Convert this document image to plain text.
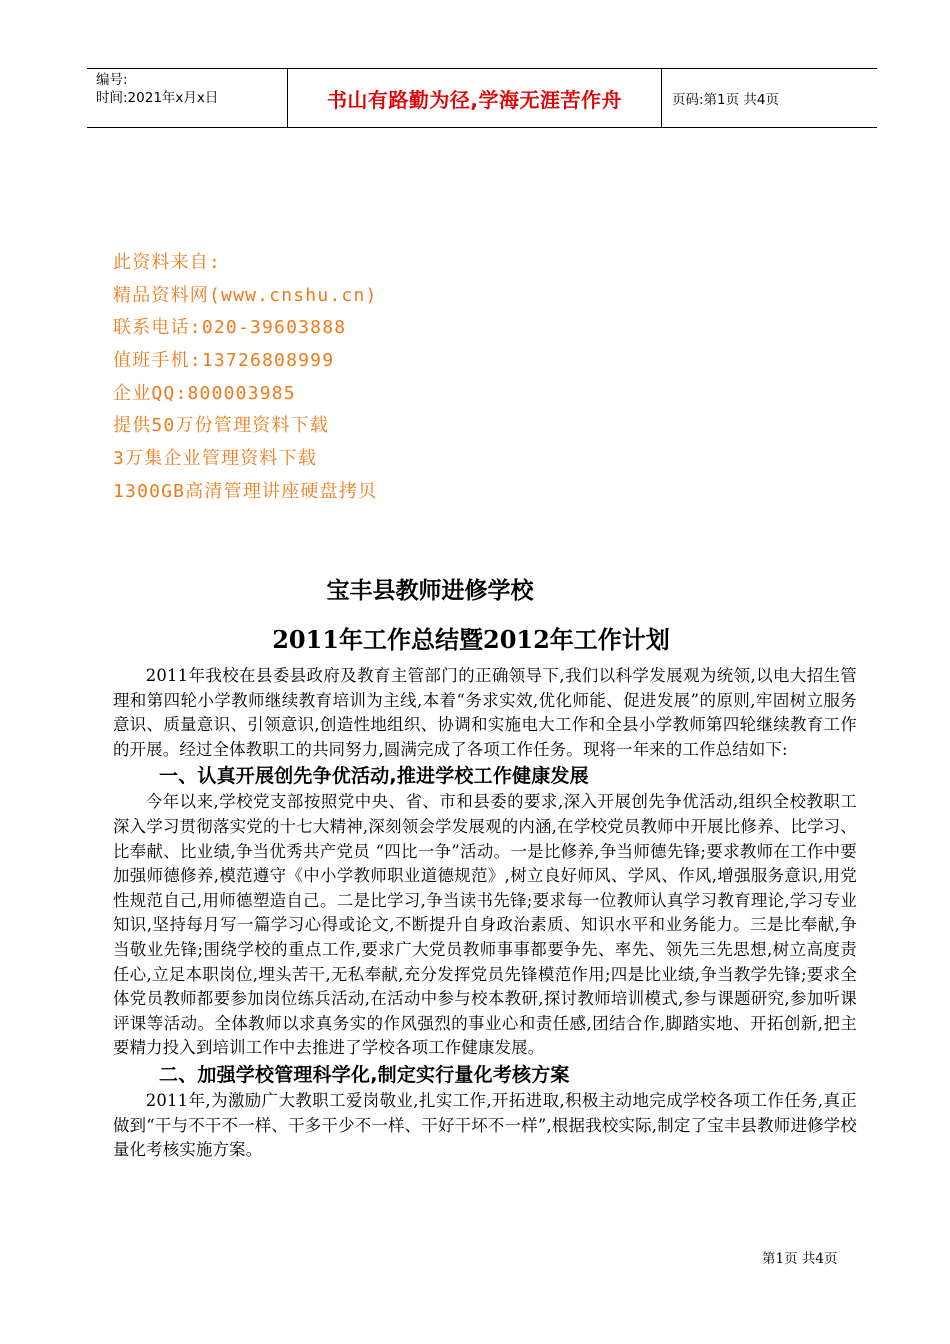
编号:
时间:2021年x月x日	书山有路勤为径,学海无涯苦作舟	页码:第1页 共4页
此资料来自:
精品资料网(www.cnshu.cn)
联系电话:020-39603888
值班手机:13726808999
企业QQ:800003985
提供50万份管理资料下载
3万集企业管理资料下载
1300GB高清管理讲座硬盘拷贝
宝丰县教师进修学校
2011年工作总结暨2012年工作计划

2011年我校在县委县政府及教育主管部门的正确领导下,我们以科学发展观为统领,以电大招生管理和第四轮小学教师继续教育培训为主线,本着“务求实效,优化师能、促进发展”的原则,牢固树立服务意识、质量意识、引领意识,创造性地组织、协调和实施电大工作和全县小学教师第四轮继续教育工作的开展。经过全体教职工的共同努力,圆满完成了各项工作任务。现将一年来的工作总结如下:

一、认真开展创先争优活动,推进学校工作健康发展

今年以来,学校党支部按照党中央、省、市和县委的要求,深入开展创先争优活动,组织全校教职工深入学习贯彻落实党的十七大精神,深刻领会学发展观的内涵,在学校党员教师中开展比修养、比学习、比奉献、比业绩,争当优秀共产党员 “四比一争”活动。一是比修养,争当师德先锋;要求教师在工作中要加强师德修养,模范遵守《中小学教师职业道德规范》,树立良好师风、学风、作风,增强服务意识,用党性规范自己,用师德塑造自己。二是比学习,争当读书先锋;要求每一位教师认真学习教育理论,学习专业知识,坚持每月写一篇学习心得或论文,不断提升自身政治素质、知识水平和业务能力。三是比奉献,争当敬业先锋;围绕学校的重点工作,要求广大党员教师事事都要争先、率先、领先三先思想,树立高度责任心,立足本职岗位,埋头苦干,无私奉献,充分发挥党员先锋模范作用;四是比业绩,争当教学先锋;要求全体党员教师都要参加岗位练兵活动,在活动中参与校本教研,探讨教师培训模式,参与课题研究,参加听课评课等活动。全体教师以求真务实的作风强烈的事业心和责任感,团结合作,脚踏实地、开拓创新,把主要精力投入到培训工作中去推进了学校各项工作健康发展。

二、加强学校管理科学化,制定实行量化考核方案

2011年,为激励广大教职工爱岗敬业,扎实工作,开拓进取,积极主动地完成学校各项工作任务,真正做到“干与不干不一样、干多干少不一样、干好干坏不一样”,根据我校实际,制定了宝丰县教师进修学校量化考核实施方案。

第1页 共4页
